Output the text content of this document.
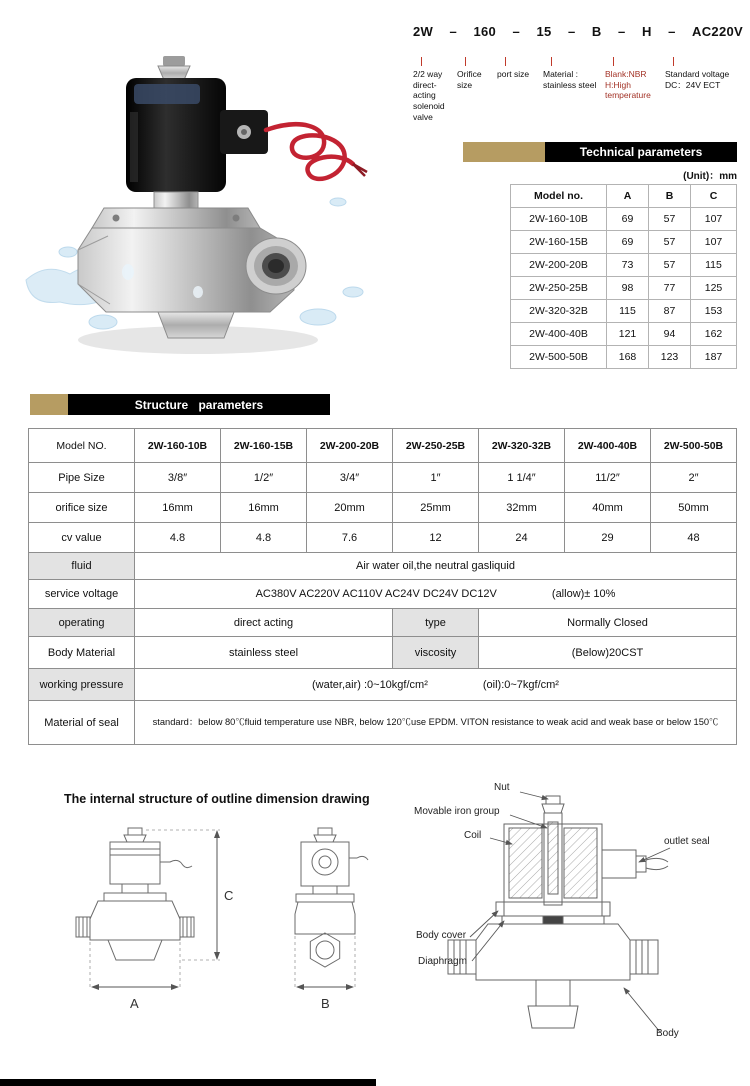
2W – 160 – 15 – B – H – AC220V
2/2 way direct- acting solenoid valve
Orifice size
port size	Material : stainless steel
Blank:NBR H:High temperature
Standard voltage DC：24V ECT
Technical parameters
(Unit)：mm
Model no.	A	B	C
2W-160-10B	69	57	107
2W-160-15B	69	57	107
2W-200-20B	73	57	115
2W-250-25B	98	77	125
2W-320-32B	115	87	153
2W-400-40B	121	94	162
2W-500-50B	168	123	187
Structure parameters
Model NO.	2W-160-10B	2W-160-15B	2W-200-20B	2W-250-25B	2W-320-32B	2W-400-40B	2W-500-50B
Pipe Size	3/8″	1/2″	3/4″	1″	1 1/4″	11/2″	2″
orifice size	16mm	16mm	20mm	25mm	32mm	40mm	50mm
cv value	4.8	4.8	7.6	12	24	29	48
fluid	Air water oil,the neutral gasliquid						
service voltage	AC380V AC220V AC110V AC24V DC24V DC12V (allow)± 10%						

operating	direct acting			type	Normally Closed		
Body Material	stainless steel			viscosity	(Below)20CST		
working pressure	(water,air) :0~10kgf/cm² (oil):0~7kgf/cm²						

Material of seal	standard：below 80℃fluid temperature use NBR, below 120℃use EPDM. VITON resistance to weak acid and weak base or below 150℃						
The internal structure of outline dimension drawing
C
A	B
Nut
Movable iron group
Coil
outlet seal
Body cover
Diaphragm
Body
